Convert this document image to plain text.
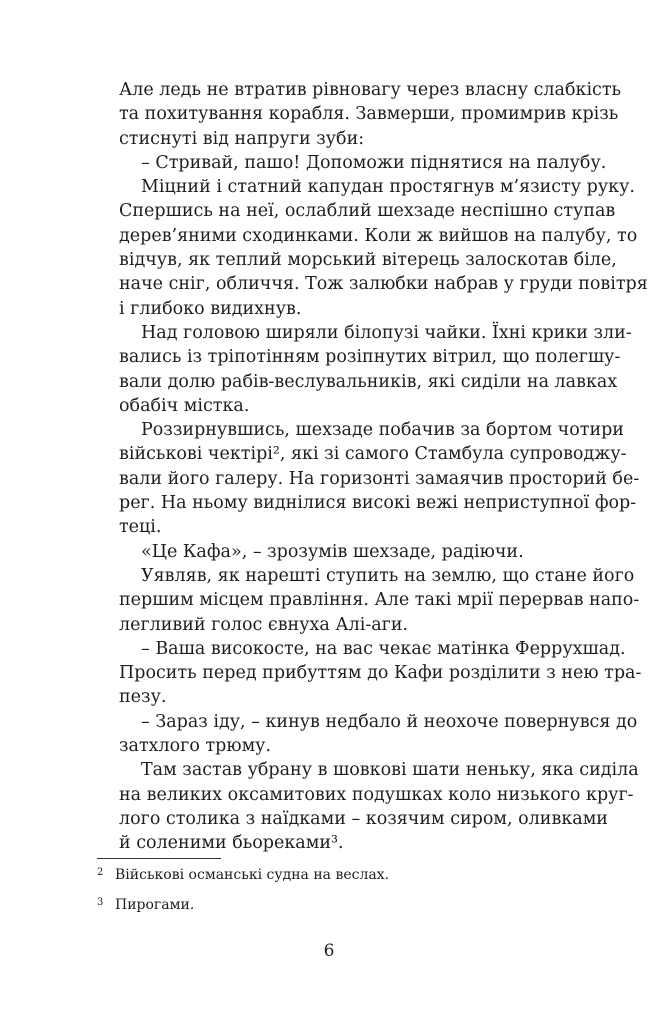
Але ледь не втратив рівновагу через власну слабкість
та похитування корабля. Завмерши, промимрив крізь
стиснуті від напруги зуби:
– Стривай, пашо! Допоможи піднятися на палубу.
Міцний і статний капудан простягнув м’язисту руку.
Спершись на неї, ослаблий шехзаде неспішно ступав
дерев’яними сходинками. Коли ж вийшов на палубу, то
відчув, як теплий морський вітерець залоскотав біле,
наче сніг, обличчя. Тож залюбки набрав у груди повітря
і глибоко видихнув.
Над головою ширяли білопузі чайки. Їхні крики зли-
вались із тріпотінням розіпнутих вітрил, що полегшу-
вали долю рабів-веслувальників, які сиділи на лавках
обабіч містка.
Роззирнувшись, шехзаде побачив за бортом чотири
військові чектірі², які зі самого Стамбула супроводжу-
вали його галеру. На горизонті замаячив просторий бе-
рег. На ньому виднілися високі вежі неприступної фор-
теці.
«Це Кафа», – зрозумів шехзаде, радіючи.
Уявляв, як нарешті ступить на землю, що стане його
першим місцем правління. Але такі мрії перервав напо-
легливий голос євнуха Алі-аги.
– Ваша високосте, на вас чекає матінка Феррухшад.
Просить перед прибуттям до Кафи розділити з нею тра-
пезу.
– Зараз іду, – кинув недбало й неохоче повернувся до
затхлого трюму.
Там застав убрану в шовкові шати неньку, яка сиділа
на великих оксамитових подушках коло низького круг-
лого столика з наїдками – козячим сиром, оливками
й соленими бьореками³.

2 Військові османські судна на веслах.

3 Пирогами.

6
